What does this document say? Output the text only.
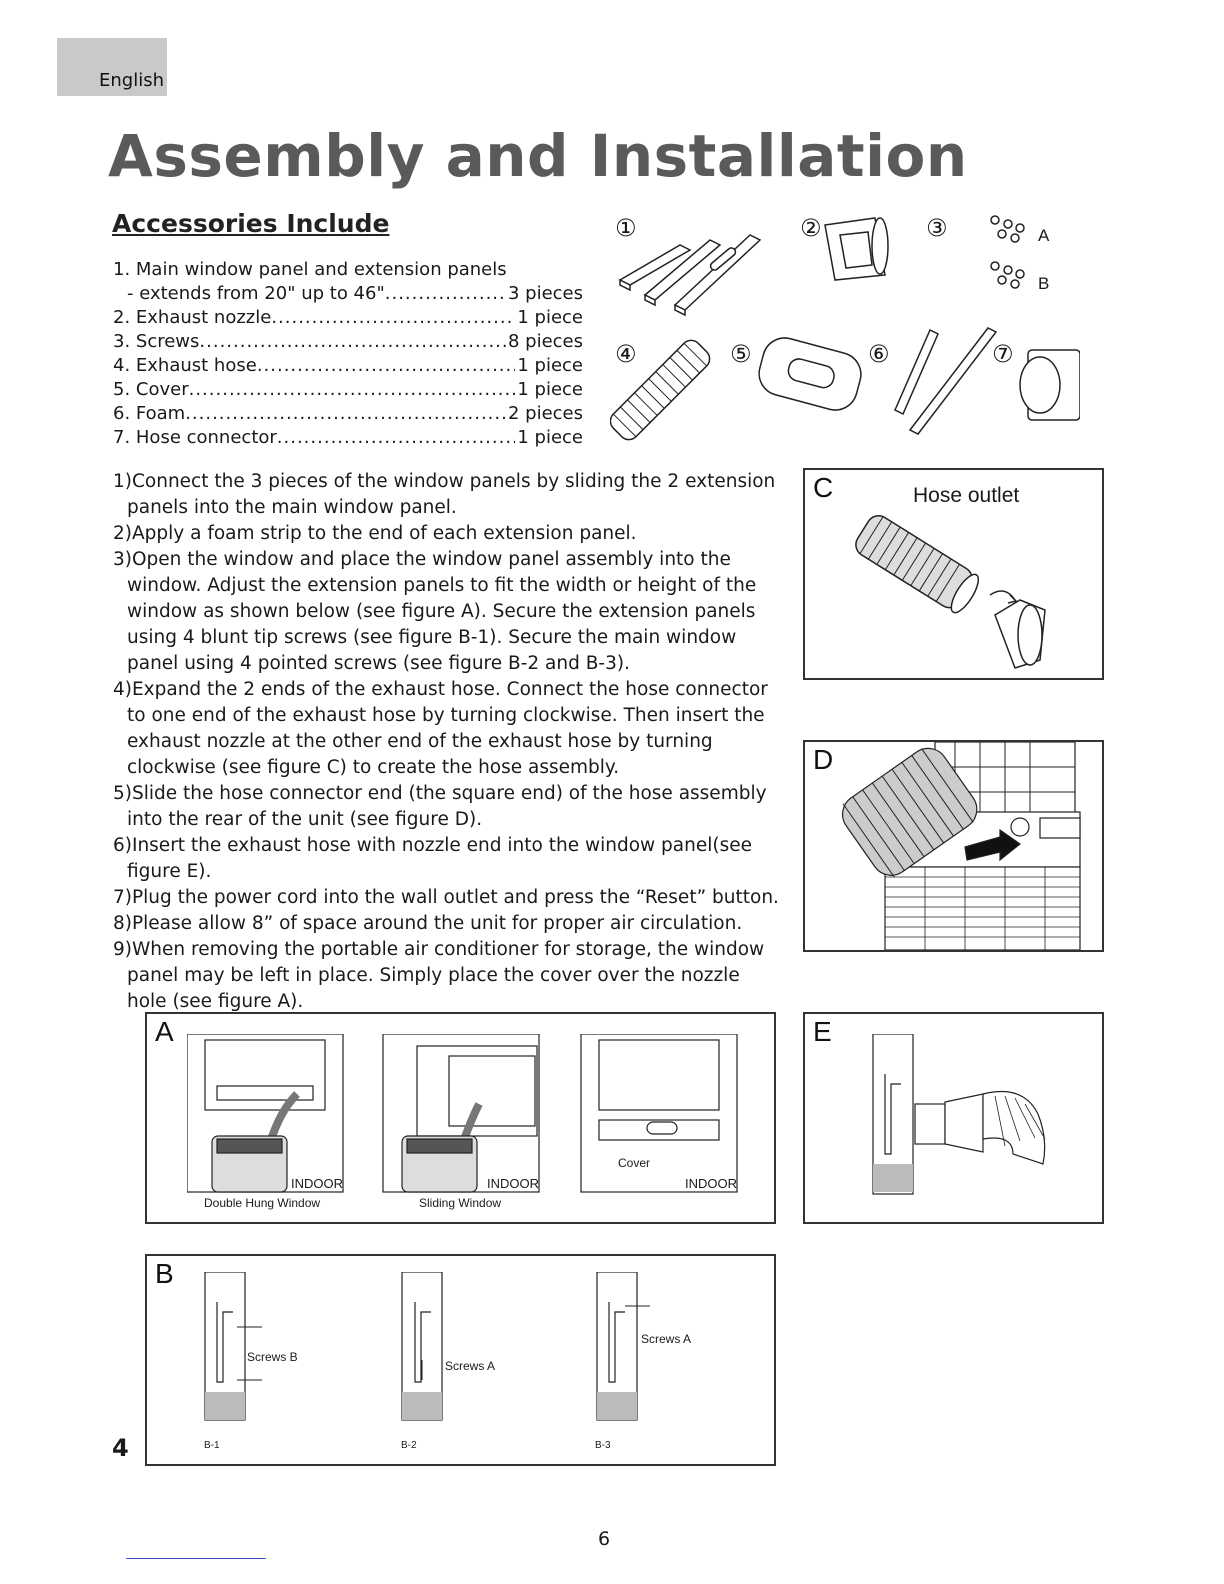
English
Assembly and Installation
Accessories Include
1. Main window panel and extension panels
- extends from 20" up to 46" .....	3 pieces
2. Exhaust nozzle .....	1 piece
3. Screws .....	8 pieces
4. Exhaust hose .....	1 piece
5. Cover .....	1 piece
6. Foam .....	2 pieces
7. Hose connector .....	1 piece
①	②	③
④	⑤	⑥	⑦
A
B
1)Connect the 3 pieces of the window panels by sliding the 2 extension panels into the main window panel.
2)Apply a foam strip to the end of each extension panel.
3)Open the window and place the window panel assembly into the window. Adjust the extension panels to fit the width or height of the window as shown below (see figure A). Secure the extension panels using 4 blunt tip screws (see figure B-1). Secure the main window panel using 4 pointed screws (see figure B-2 and B-3).
4)Expand the 2 ends of the exhaust hose. Connect the hose connector to one end of the exhaust hose by turning clockwise. Then insert the exhaust nozzle at the other end of the exhaust hose by turning clockwise (see figure C) to create the hose assembly.
5)Slide the hose connector end (the square end) of the hose assembly into the rear of the unit (see figure D).
6)Insert the exhaust hose with nozzle end into the window panel(see figure E).
7)Plug the power cord into the wall outlet and press the “Reset” button.
8)Please allow 8” of space around the unit for proper air circulation.
9)When removing the portable air conditioner for storage, the window panel may be left in place. Simply place the cover over the nozzle hole (see figure A).
C	Hose outlet
D
A
INDOOR	INDOOR	INDOOR
Cover
Double Hung Window	Sliding Window
E
B
Screws B
Screws A
Screws A
B-1	B-2	B-3
4
6
